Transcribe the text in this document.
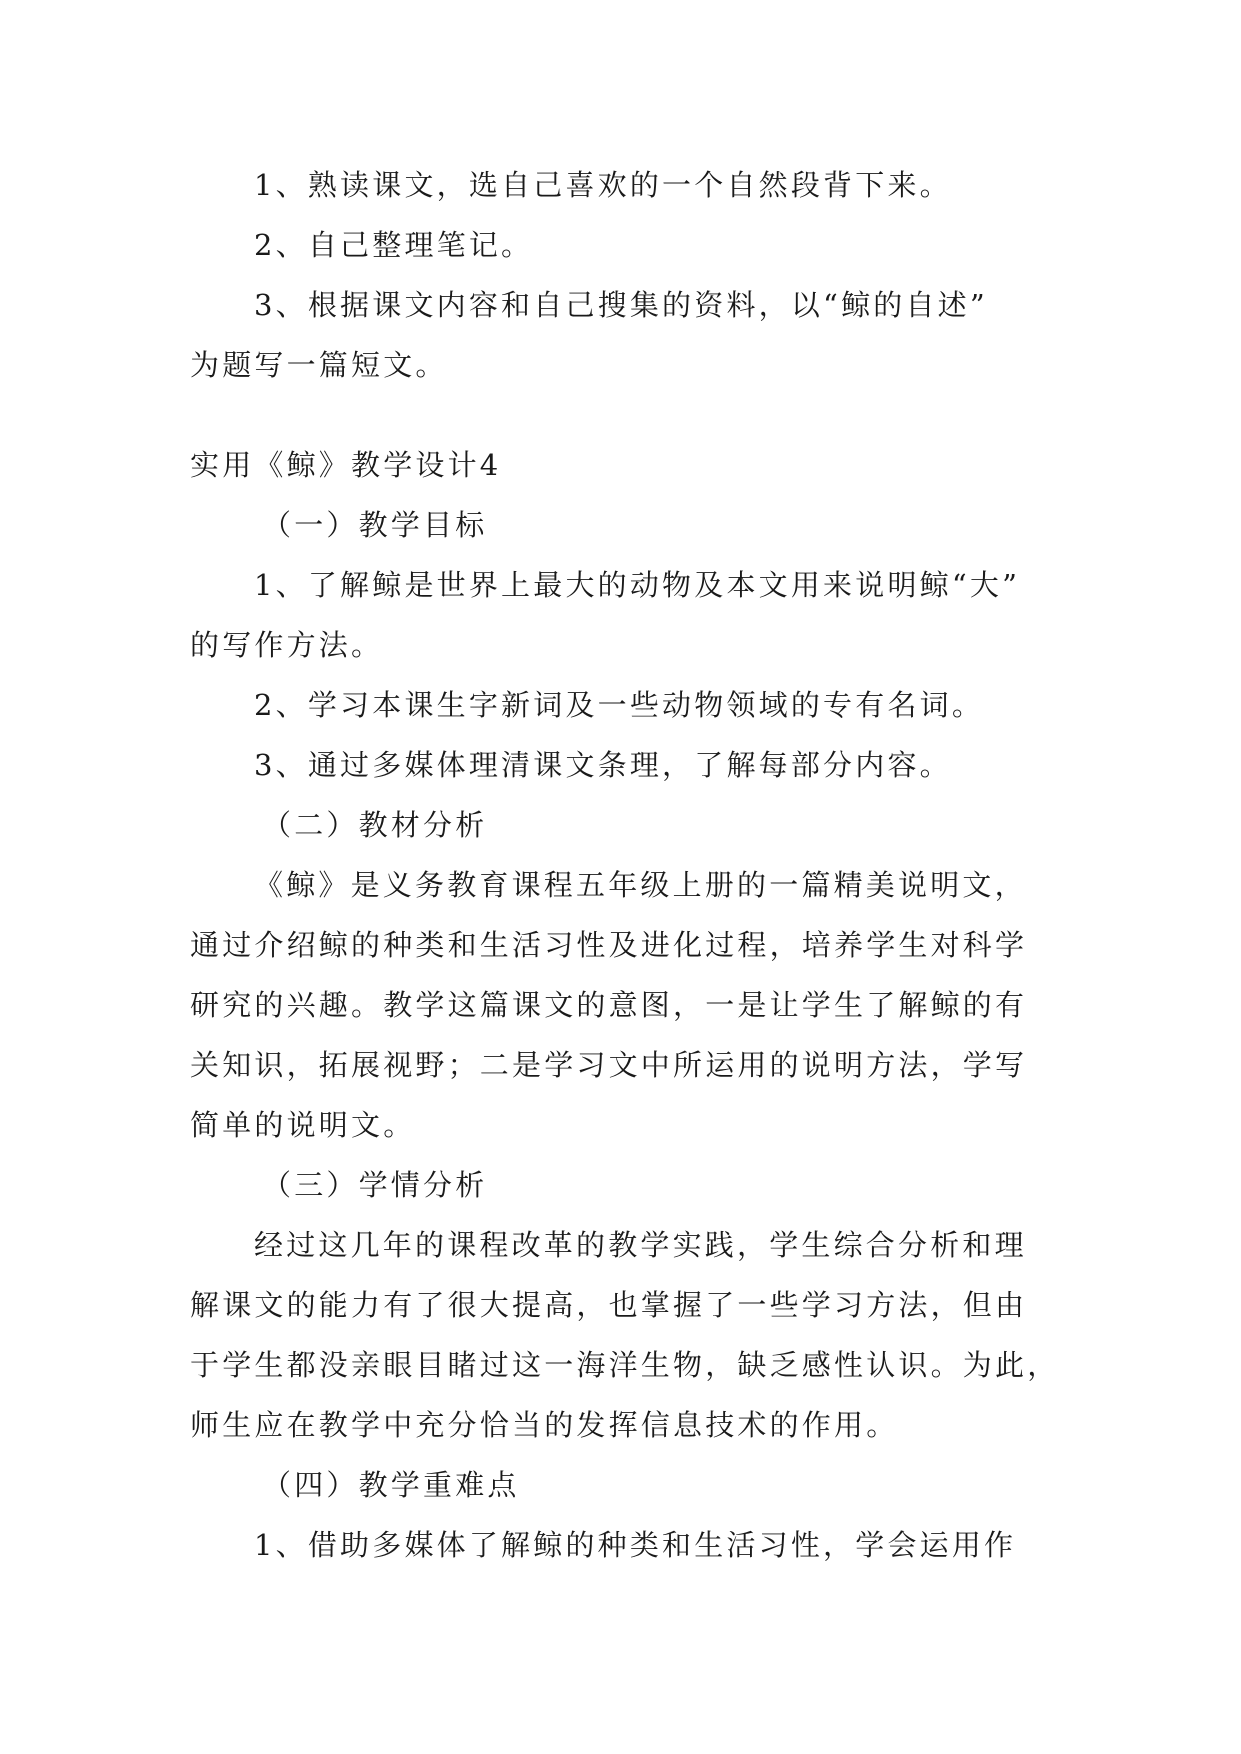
1、熟读课文，选自己喜欢的一个自然段背下来。
2、自己整理笔记。
3、根据课文内容和自己搜集的资料，以“鲸的自述”
为题写一篇短文。
实用《鲸》教学设计4
（一）教学目标
1、了解鲸是世界上最大的动物及本文用来说明鲸“大”
的写作方法。
2、学习本课生字新词及一些动物领域的专有名词。
3、通过多媒体理清课文条理，了解每部分内容。
（二）教材分析
《鲸》是义务教育课程五年级上册的一篇精美说明文，
通过介绍鲸的种类和生活习性及进化过程，培养学生对科学
研究的兴趣。教学这篇课文的意图，一是让学生了解鲸的有
关知识，拓展视野；二是学习文中所运用的说明方法，学写
简单的说明文。
（三）学情分析
经过这几年的课程改革的教学实践，学生综合分析和理
解课文的能力有了很大提高，也掌握了一些学习方法，但由
于学生都没亲眼目睹过这一海洋生物，缺乏感性认识。为此，
师生应在教学中充分恰当的发挥信息技术的作用。
（四）教学重难点
1、借助多媒体了解鲸的种类和生活习性，学会运用作
